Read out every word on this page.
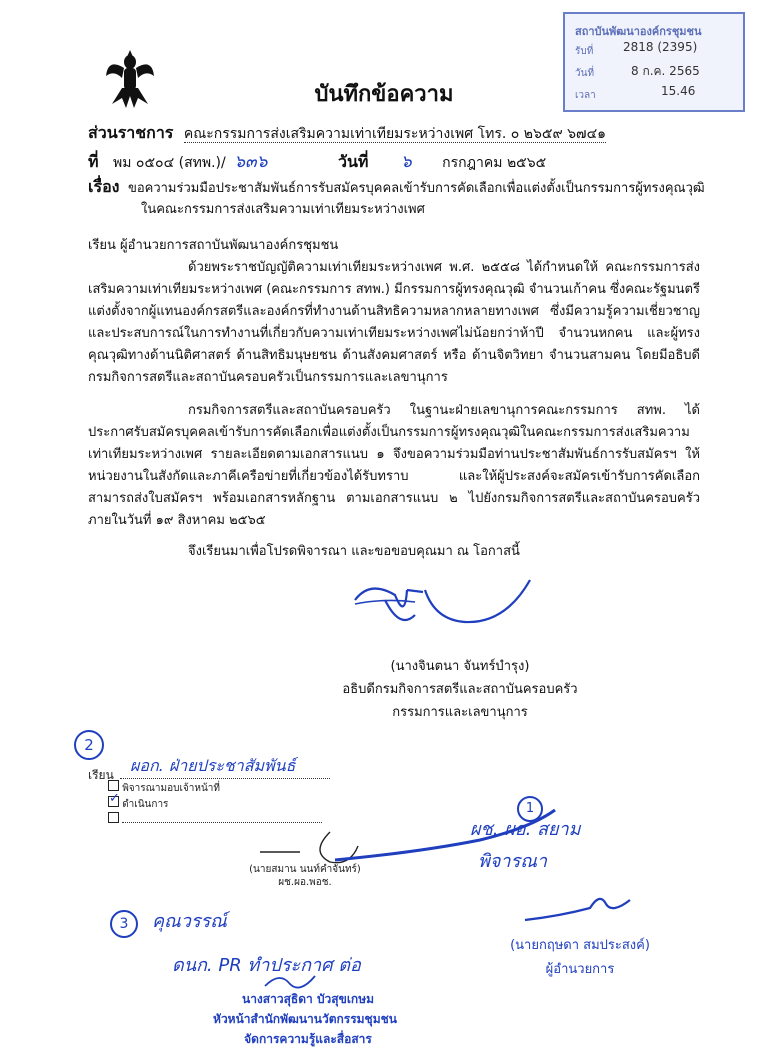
สถาบันพัฒนาองค์กรชุมชน
รับที่ 2818 (2395)
วันที่	8 ก.ค. 2565
เวลา	15.46
บันทึกข้อความ
ส่วนราชการ คณะกรรมการส่งเสริมความเท่าเทียมระหว่างเพศ โทร. ๐ ๒๖๕๙ ๖๗๔๑
ที่ พม ๐๕๐๔ (สทพ.)/ ๖๓๖	วันที่ ๖ กรกฎาคม ๒๕๖๕
เรื่อง ขอความร่วมมือประชาสัมพันธ์การรับสมัครบุคคลเข้ารับการคัดเลือกเพื่อแต่งตั้งเป็นกรรมการผู้ทรงคุณวุฒิ
ในคณะกรรมการส่งเสริมความเท่าเทียมระหว่างเพศ
เรียน ผู้อำนวยการสถาบันพัฒนาองค์กรชุมชน
ด้วยพระราชบัญญัติความเท่าเทียมระหว่างเพศ พ.ศ. ๒๕๕๘ ได้กำหนดให้ คณะกรรมการส่งเสริมความเท่าเทียมระหว่างเพศ (คณะกรรมการ สทพ.) มีกรรมการผู้ทรงคุณวุฒิ จำนวนเก้าคน ซึ่งคณะรัฐมนตรีแต่งตั้งจากผู้แทนองค์กรสตรีและองค์กรที่ทำงานด้านสิทธิความหลากหลายทางเพศ ซึ่งมีความรู้ความเชี่ยวชาญและประสบการณ์ในการทำงานที่เกี่ยวกับความเท่าเทียมระหว่างเพศไม่น้อยกว่าห้าปี จำนวนหกคน และผู้ทรงคุณวุฒิทางด้านนิติศาสตร์ ด้านสิทธิมนุษยชน ด้านสังคมศาสตร์ หรือ ด้านจิตวิทยา จำนวนสามคน โดยมีอธิบดีกรมกิจการสตรีและสถาบันครอบครัวเป็นกรรมการและเลขานุการ
กรมกิจการสตรีและสถาบันครอบครัว ในฐานะฝ่ายเลขานุการคณะกรรมการ สทพ. ได้ประกาศรับสมัครบุคคลเข้ารับการคัดเลือกเพื่อแต่งตั้งเป็นกรรมการผู้ทรงคุณวุฒิในคณะกรรมการส่งเสริมความเท่าเทียมระหว่างเพศ รายละเอียดตามเอกสารแนบ ๑ จึงขอความร่วมมือท่านประชาสัมพันธ์การรับสมัครฯ ให้หน่วยงานในสังกัดและภาคีเครือข่ายที่เกี่ยวข้องได้รับทราบ และให้ผู้ประสงค์จะสมัครเข้ารับการคัดเลือก สามารถส่งใบสมัครฯ พร้อมเอกสารหลักฐาน ตามเอกสารแนบ ๒ ไปยังกรมกิจการสตรีและสถาบันครอบครัว ภายในวันที่ ๑๙ สิงหาคม ๒๕๖๕
จึงเรียนมาเพื่อโปรดพิจารณา และขอขอบคุณมา ณ โอกาสนี้
(นางจินตนา จันทร์บำรุง)
อธิบดีกรมกิจการสตรีและสถาบันครอบครัว
กรรมการและเลขานุการ
2
เรียน ผอก. ฝ่ายประชาสัมพันธ์
พิจารณามอบเจ้าหน้าที่
✓ ดำเนินการ

(นายสมาน นนท์คำจันทร์)
ผช.ผอ.พอช.
1
ผช. ผอ. สยาม
พิจารณา
(นายกฤษดา สมประสงค์)
ผู้อำนวยการ
3	คุณวรรณ์
ดนก. PR ทำประกาศ ต่อ
นางสาวสุธิดา บัวสุขเกษม
หัวหน้าสำนักพัฒนานวัตกรรมชุมชน
จัดการความรู้และสื่อสาร
